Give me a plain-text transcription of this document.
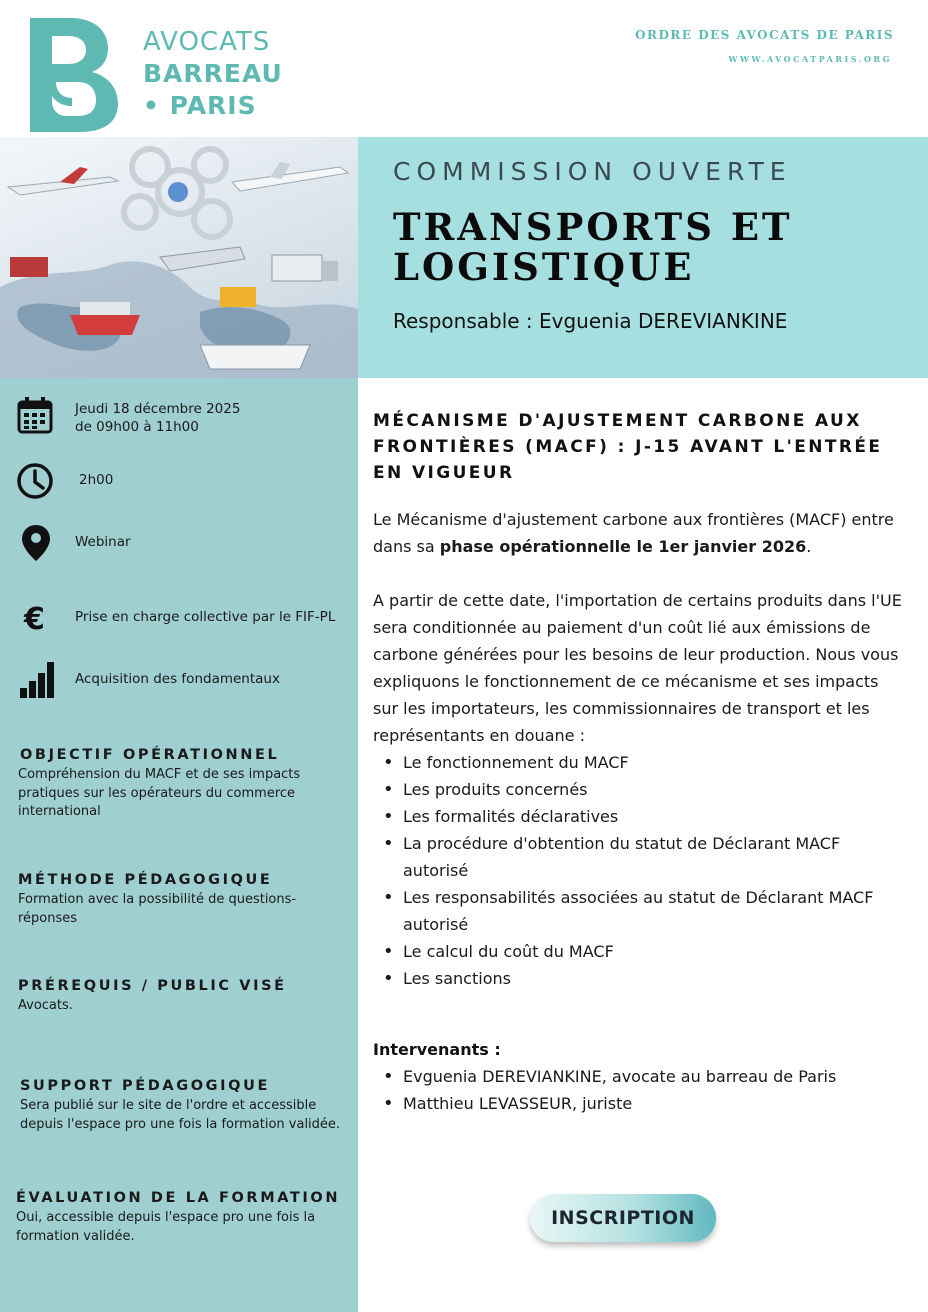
AVOCATS
BARREAU
• PARIS
ORDRE DES AVOCATS DE PARIS
WWW.AVOCATPARIS.ORG
COMMISSION OUVERTE
TRANSPORTS ET
LOGISTIQUE
Responsable : Evguenia DEREVIANKINE
Jeudi 18 décembre 2025
de 09h00 à 11h00
2h00
Webinar
€ Prise en charge collective par le FIF-PL
Acquisition des fondamentaux
OBJECTIF OPÉRATIONNEL
Compréhension du MACF et de ses impacts pratiques sur les opérateurs du commerce international
MÉTHODE PÉDAGOGIQUE
Formation avec la possibilité de questions-réponses
PRÉREQUIS / PUBLIC VISÉ
Avocats.
SUPPORT PÉDAGOGIQUE
Sera publié sur le site de l'ordre et accessible depuis l'espace pro une fois la formation validée.
ÉVALUATION DE LA FORMATION
Oui, accessible depuis l'espace pro une fois la formation validée.
MÉCANISME D'AJUSTEMENT CARBONE AUX FRONTIÈRES (MACF) : J-15 AVANT L'ENTRÉE EN VIGUEUR

Le Mécanisme d'ajustement carbone aux frontières (MACF) entre dans sa phase opérationnelle le 1er janvier 2026.

A partir de cette date, l'importation de certains produits dans l'UE sera conditionnée au paiement d'un coût lié aux émissions de carbone générées pour les besoins de leur production. Nous vous expliquons le fonctionnement de ce mécanisme et ses impacts sur les importateurs, les commissionnaires de transport et les représentants en douane :

• Le fonctionnement du MACF
• Les produits concernés
• Les formalités déclaratives
• La procédure d'obtention du statut de Déclarant MACF autorisé
• Les responsabilités associées au statut de Déclarant MACF autorisé
• Le calcul du coût du MACF
• Les sanctions
Intervenants :
• Evguenia DEREVIANKINE, avocate au barreau de Paris
• Matthieu LEVASSEUR, juriste
INSCRIPTION
